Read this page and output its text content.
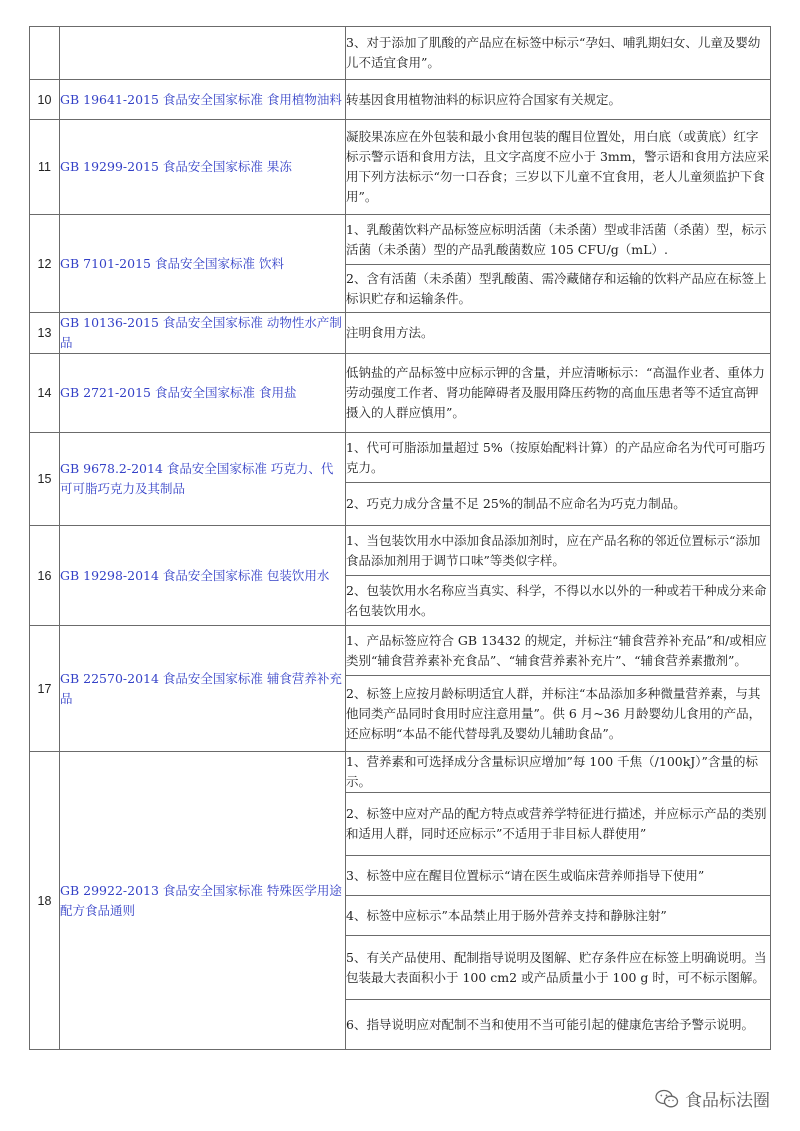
		3、对于添加了肌酸的产品应在标签中标示“孕妇、哺乳期妇女、儿童及婴幼儿不适宜食用”。
10	GB 19641-2015 食品安全国家标准 食用植物油料	转基因食用植物油料的标识应符合国家有关规定。
11	GB 19299-2015 食品安全国家标准 果冻	凝胶果冻应在外包装和最小食用包装的醒目位置处，用白底（或黄底）红字标示警示语和食用方法，且文字高度不应小于 3mm，警示语和食用方法应采用下列方法标示“勿一口吞食；三岁以下儿童不宜食用，老人儿童须监护下食用”。
12	GB 7101-2015 食品安全国家标准 饮料	1、乳酸菌饮料产品标签应标明活菌（未杀菌）型或非活菌（杀菌）型，标示活菌（未杀菌）型的产品乳酸菌数应 105 CFU/g（mL）.
		2、含有活菌（未杀菌）型乳酸菌、需冷藏储存和运输的饮料产品应在标签上标识贮存和运输条件。
13	GB 10136-2015 食品安全国家标准 动物性水产制品	注明食用方法。
14	GB 2721-2015 食品安全国家标准 食用盐	低钠盐的产品标签中应标示钾的含量，并应清晰标示：“高温作业者、重体力劳动强度工作者、肾功能障碍者及服用降压药物的高血压患者等不适宜高钾摄入的人群应慎用”。
15	GB 9678.2-2014 食品安全国家标准 巧克力、代可可脂巧克力及其制品	1、代可可脂添加量超过 5%（按原始配料计算）的产品应命名为代可可脂巧克力。
		2、巧克力成分含量不足 25%的制品不应命名为巧克力制品。
16	GB 19298-2014 食品安全国家标准 包装饮用水	1、当包装饮用水中添加食品添加剂时，应在产品名称的邻近位置标示“添加食品添加剂用于调节口味”等类似字样。
		2、包装饮用水名称应当真实、科学，不得以水以外的一种或若干种成分来命名包装饮用水。
17	GB 22570-2014 食品安全国家标准 辅食营养补充品	1、产品标签应符合 GB 13432 的规定，并标注“辅食营养补充品”和/或相应类别“辅食营养素补充食品”、“辅食营养素补充片”、“辅食营养素撒剂”。
		2、标签上应按月龄标明适宜人群，并标注“本品添加多种微量营养素，与其他同类产品同时食用时应注意用量”。供 6 月~36 月龄婴幼儿食用的产品，还应标明“本品不能代替母乳及婴幼儿辅助食品”。
18	GB 29922-2013 食品安全国家标准 特殊医学用途配方食品通则	1、营养素和可选择成分含量标识应增加”每 100 千焦（/100kJ）”含量的标示。
		2、标签中应对产品的配方特点或营养学特征进行描述，并应标示产品的类别和适用人群，同时还应标示”不适用于非目标人群使用”
		3、标签中应在醒目位置标示“请在医生或临床营养师指导下使用”
		4、标签中应标示”本品禁止用于肠外营养支持和静脉注射”
		5、有关产品使用、配制指导说明及图解、贮存条件应在标签上明确说明。当包装最大表面积小于 100 cm2 或产品质量小于 100 g 时，可不标示图解。
		6、指导说明应对配制不当和使用不当可能引起的健康危害给予警示说明。
食品标法圈
